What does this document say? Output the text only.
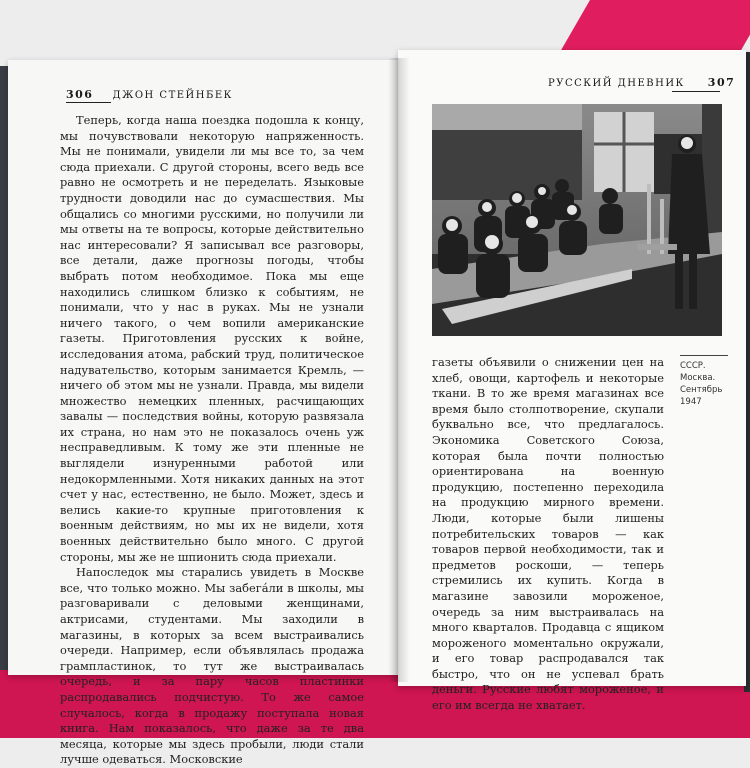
306 ДЖОН СТЕЙНБЕК

Теперь, когда наша поездка подошла к концу, мы почувствовали некоторую напряженность. Мы не понимали, увидели ли мы все то, за чем сюда приехали. С другой стороны, всего ведь все равно не осмотреть и не переделать. Языковые трудности доводили нас до сумасшествия. Мы общались со многими русскими, но получили ли мы ответы на те вопросы, которые действительно нас интересовали? Я записывал все разговоры, все детали, даже прогнозы погоды, чтобы выбрать потом необходимое. Пока мы еще находились слишком близко к событиям, не понимали, что у нас в руках. Мы не узнали ничего такого, о чем вопили американские газеты. Приготовления русских к войне, исследования атома, рабский труд, политическое надувательство, которым занимается Кремль, — ничего об этом мы не узнали. Правда, мы видели множество немецких пленных, расчищающих завалы — последствия войны, которую развязала их страна, но нам это не показалось очень уж несправедливым. К тому же эти пленные не выглядели изнуренными работой или недокормленными. Хотя никаких данных на этот счет у нас, естественно, не было. Может, здесь и велись какие-то крупные приготовления к военным действиям, но мы их не видели, хотя военных действительно было много. С другой стороны, мы же не шпионить сюда приехали.

Напоследок мы старались увидеть в Москве все, что только можно. Мы забегáли в школы, мы разговаривали с деловыми женщинами, актрисами, студентами. Мы заходили в магазины, в которых за всем выстраивались очереди. Например, если объявлялась продажа грампластинок, то тут же выстраивалась очередь, и за пару часов пластинки распродавались подчистую. То же самое случалось, когда в продажу поступала новая книга. Нам показалось, что даже за те два месяца, которые мы здесь пробыли, люди стали лучше одеваться. Московские

РУССКИЙ ДНЕВНИК 307

газеты объявили о снижении цен на хлеб, овощи, картофель и некоторые ткани. В то же время магазинах все время было столпотворение, скупали буквально все, что предлагалось. Экономика Советского Союза, которая была почти полностью ориентирована на военную продукцию, постепенно переходила на продукцию мирного времени. Люди, которые были лишены потребительских товаров — как товаров первой необходимости, так и предметов роскоши, — теперь стремились их купить. Когда в магазине завозили мороженое, очередь за ним выстраивалась на много кварталов. Продавца с ящиком мороженого моментально окружали, и его товар распродавался так быстро, что он не успевал брать деньги. Русские любят мороженое, и его им всегда не хватает.

СССР.
Москва.
Сентябрь
1947
